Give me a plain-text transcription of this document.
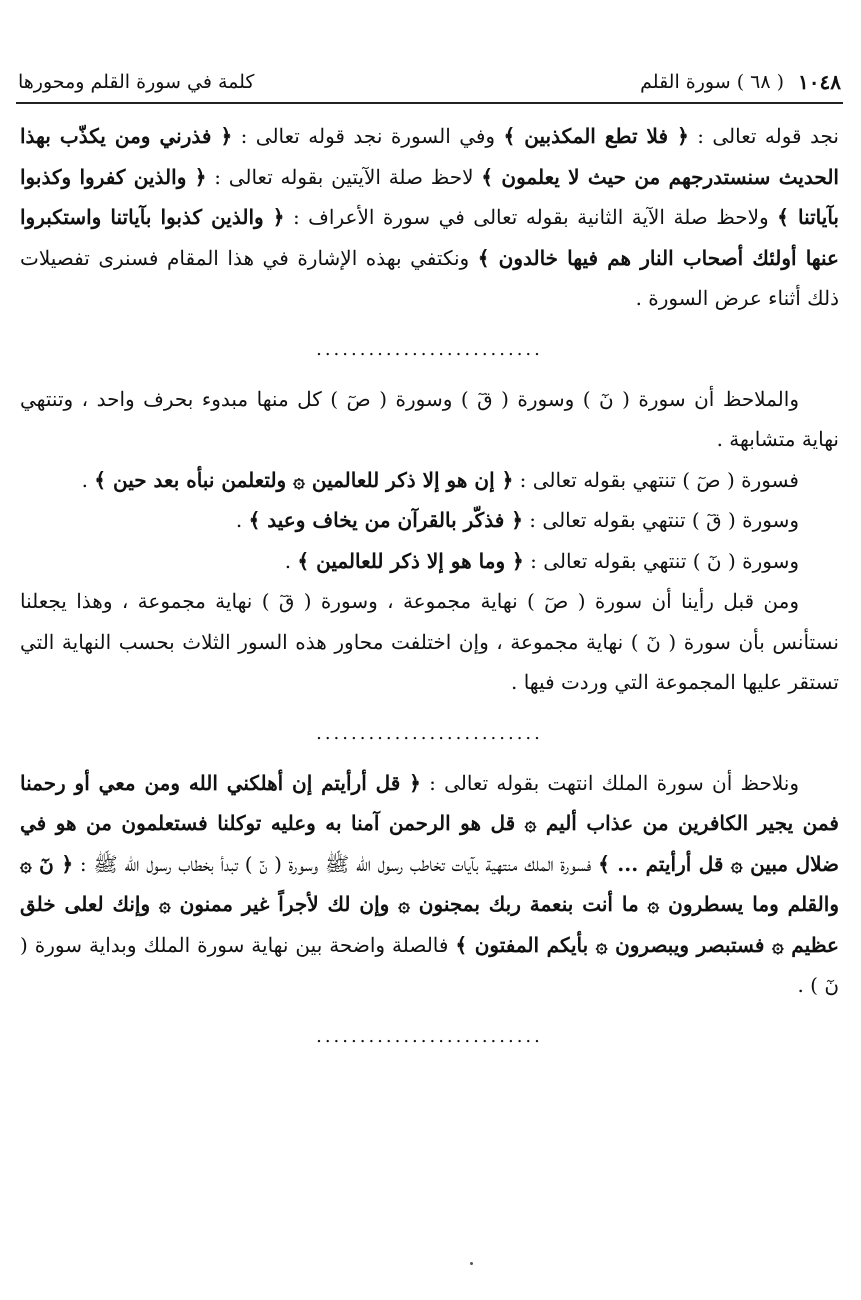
كلمة في سورة القلم ومحورها	١٠٤٨
( ٦٨ ) سورة القلم

نجد قوله تعالى : ﴿ فلا تطع المكذبين ﴾ وفي السورة نجد قوله تعالى : ﴿ فذرني ومن يكذّب بهذا الحديث سنستدرجهم من حيث لا يعلمون ﴾ لاحظ صلة الآيتين بقوله تعالى : ﴿ والذين كفروا وكذبوا بآياتنا ﴾ ولاحظ صلة الآية الثانية بقوله تعالى في سورة الأعراف : ﴿ والذين كذبوا بآياتنا واستكبروا عنها أولئك أصحاب النار هم فيها خالدون ﴾ ونكتفي بهذه الإشارة في هذا المقام فسنرى تفصيلات ذلك أثناء عرض السورة .

..........................

والملاحظ أن سورة ( نٓ ) وسورة ( قٓ ) وسورة ( صٓ ) كل منها مبدوء بحرف واحد ، وتنتهي نهاية متشابهة .

فسورة ( صٓ ) تنتهي بقوله تعالى : ﴿ إن هو إلا ذكر للعالمين ۞ ولتعلمن نبأه بعد حين ﴾ .

وسورة ( قٓ ) تنتهي بقوله تعالى : ﴿ فذكّر بالقرآن من يخاف وعيد ﴾ .

وسورة ( نٓ ) تنتهي بقوله تعالى : ﴿ وما هو إلا ذكر للعالمين ﴾ .

ومن قبل رأينا أن سورة ( صٓ ) نهاية مجموعة ، وسورة ( قٓ ) نهاية مجموعة ، وهذا يجعلنا نستأنس بأن سورة ( نٓ ) نهاية مجموعة ، وإن اختلفت محاور هذه السور الثلاث بحسب النهاية التي تستقر عليها المجموعة التي وردت فيها .

..........................

ونلاحظ أن سورة الملك انتهت بقوله تعالى : ﴿ قل أرأيتم إن أهلكني الله ومن معي أو رحمنا فمن يجير الكافرين من عذاب أليم ۞ قل هو الرحمن آمنا به وعليه توكلنا فستعلمون من هو في ضلال مبين ۞ قل أرأيتم ... ﴾ فسورة الملك منتهية بآيات تخاطب رسول الله ﷺ وسورة ( نٓ ) تبدأ بخطاب رسول الله ﷺ : ﴿ نٓ ۞ والقلم وما يسطرون ۞ ما أنت بنعمة ربك بمجنون ۞ وإن لك لأجراً غير ممنون ۞ وإنك لعلى خلق عظيم ۞ فستبصر ويبصرون ۞ بأيكم المفتون ﴾ فالصلة واضحة بين نهاية سورة الملك وبداية سورة ( نٓ ) .

..........................
